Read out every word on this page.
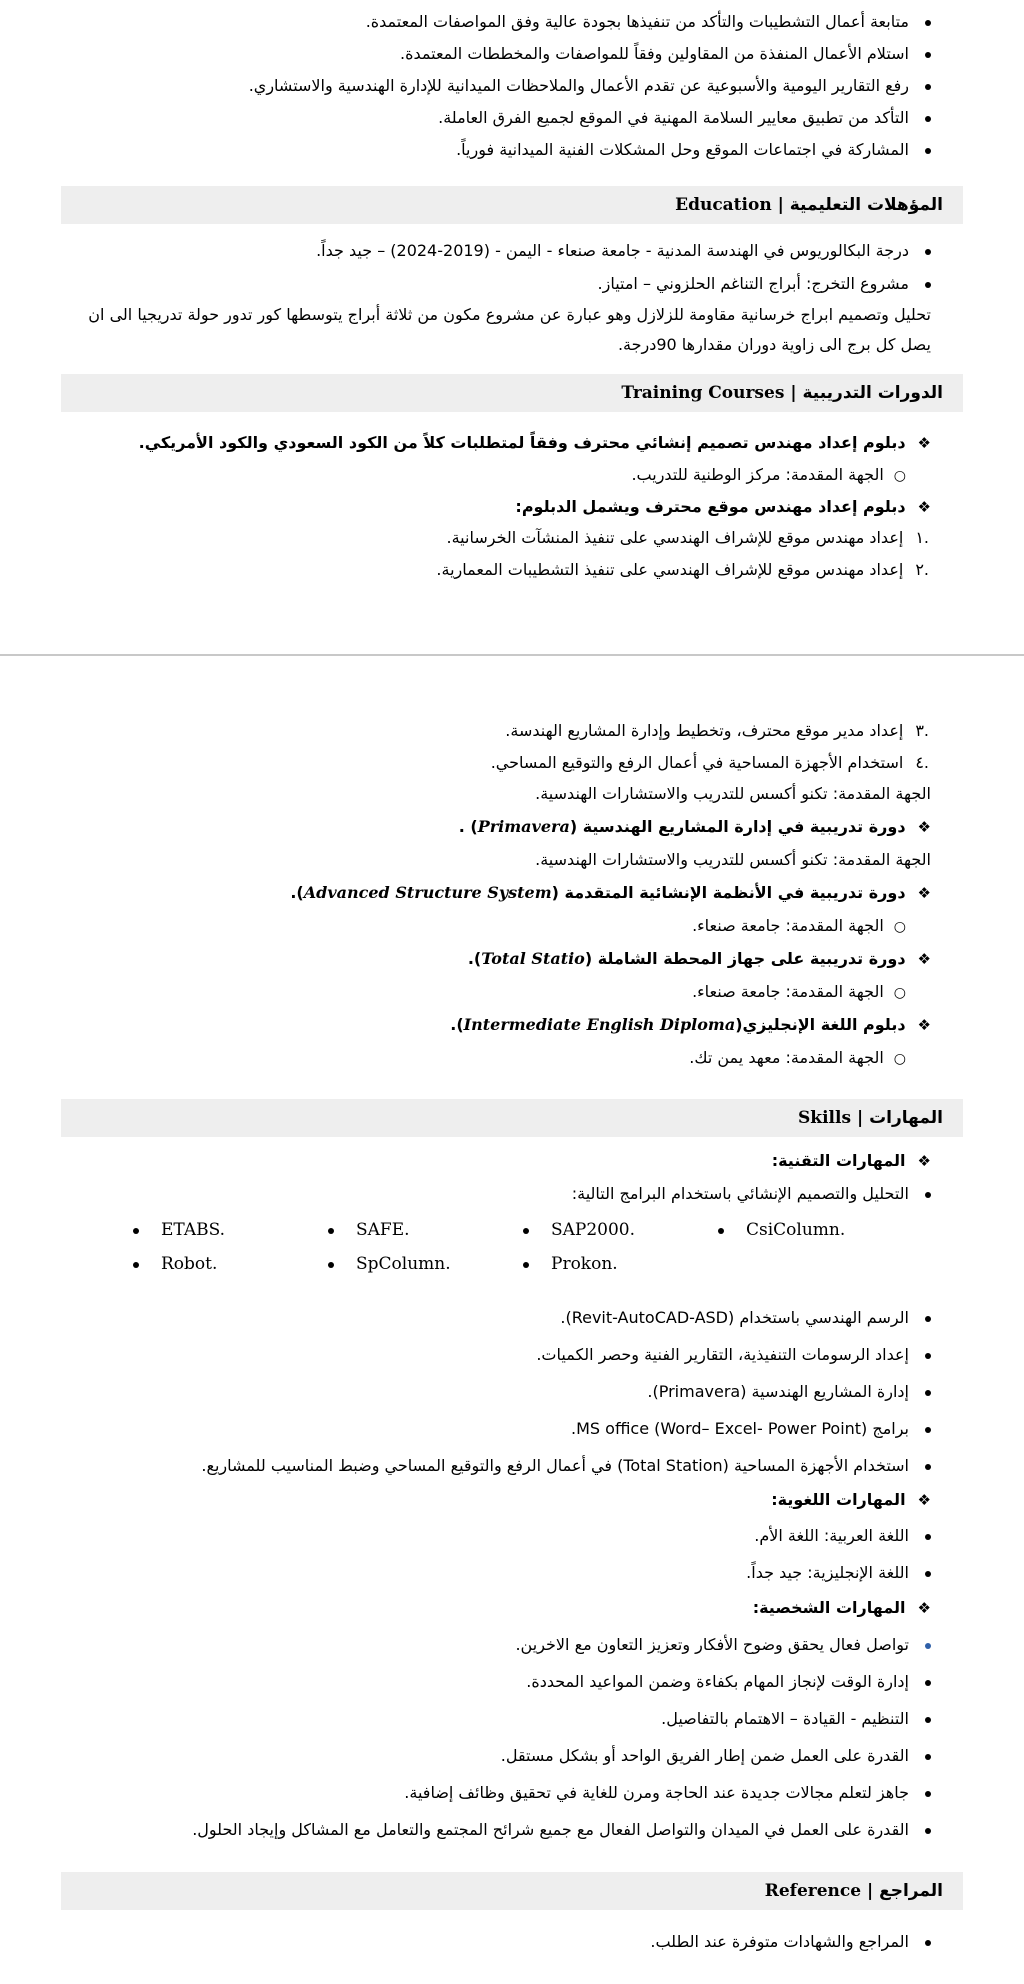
متابعة أعمال التشطيبات والتأكد من تنفيذها بجودة عالية وفق المواصفات المعتمدة.

استلام الأعمال المنفذة من المقاولين وفقاً للمواصفات والمخططات المعتمدة.

رفع التقارير اليومية والأسبوعية عن تقدم الأعمال والملاحظات الميدانية للإدارة الهندسية والاستشاري.

التأكد من تطبيق معايير السلامة المهنية في الموقع لجميع الفرق العاملة.

المشاركة في اجتماعات الموقع وحل المشكلات الفنية الميدانية فورياً.

المؤهلات التعليمية |

Education

درجة البكالوريوس في الهندسة المدنية - جامعة صنعاء - اليمن - (2019-2024) – جيد جداً.

مشروع التخرج: أبراج التناغم الحلزوني – امتياز.

تحليل وتصميم ابراج خرسانية مقاومة للزلازل وهو عبارة عن مشروع مكون من ثلاثة أبراج يتوسطها كور تدور حولة تدريجيا الى ان يصل كل برج الى زاوية دوران مقدارها 90درجة.

الدورات التدريبية |

Training Courses

❖دبلوم إعداد مهندس تصميم إنشائي محترف وفقاً لمتطلبات كلاً من الكود السعودي والكود الأمريكي.

○الجهة المقدمة: مركز الوطنية للتدريب.

❖دبلوم إعداد مهندس موقع محترف ويشمل الدبلوم:

.١إعداد مهندس موقع للإشراف الهندسي على تنفيذ المنشآت الخرسانية.

.٢إعداد مهندس موقع للإشراف الهندسي على تنفيذ التشطيبات المعمارية.

.٣إعداد مدير موقع محترف، وتخطيط وإدارة المشاريع الهندسة.

.٤استخدام الأجهزة المساحية في أعمال الرفع والتوقيع المساحي.

الجهة المقدمة: تكنو أكسس للتدريب والاستشارات الهندسية.

❖دورة تدريبية في إدارة المشاريع الهندسية (Primavera) .

الجهة المقدمة: تكنو أكسس للتدريب والاستشارات الهندسية.

❖دورة تدريبية في الأنظمة الإنشائية المتقدمة (Advanced Structure System).

○الجهة المقدمة: جامعة صنعاء.

❖دورة تدريبية على جهاز المحطة الشاملة (Total Statio).

○الجهة المقدمة: جامعة صنعاء.

❖دبلوم اللغة الإنجليزي(Intermediate English Diploma).

○الجهة المقدمة: معهد يمن تك.

المهارات |

Skills

❖المهارات التقنية:

التحليل والتصميم الإنشائي باستخدام البرامج التالية:

ETABS.	SAFE.	SAP2000.	CsiColumn.
Robot.	SpColumn.	Prokon.

الرسم الهندسي باستخدام (Revit-AutoCAD-ASD).

إعداد الرسومات التنفيذية، التقارير الفنية وحصر الكميات.

إدارة المشاريع الهندسية (Primavera).

برامج (Word– Excel- Power Point) MS office.

استخدام الأجهزة المساحية (Total Station) في أعمال الرفع والتوقيع المساحي وضبط المناسيب للمشاريع.

❖المهارات اللغوية:

اللغة العربية: اللغة الأم.

اللغة الإنجليزية: جيد جداً.

❖المهارات الشخصية:

تواصل فعال يحقق وضوح الأفكار وتعزيز التعاون مع الاخرين.

إدارة الوقت لإنجاز المهام بكفاءة وضمن المواعيد المحددة.

التنظيم - القيادة – الاهتمام بالتفاصيل.

القدرة على العمل ضمن إطار الفريق الواحد أو بشكل مستقل.

جاهز لتعلم مجالات جديدة عند الحاجة ومرن للغاية في تحقيق وظائف إضافية.

القدرة على العمل في الميدان والتواصل الفعال مع جميع شرائح المجتمع والتعامل مع المشاكل وإيجاد الحلول.

المراجع |

Reference

المراجع والشهادات متوفرة عند الطلب.
